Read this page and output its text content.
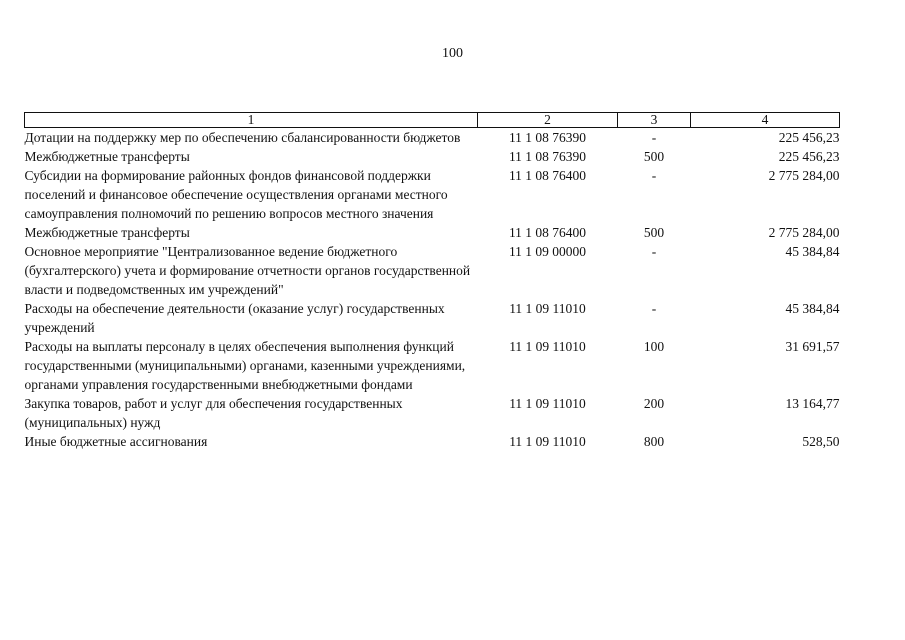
100
1	2	3	4
Дотации на поддержку мер по обеспечению сбалансированности бюджетов	11 1 08 76390	-	225 456,23
Межбюджетные трансферты	11 1 08 76390	500	225 456,23
Субсидии на формирование районных фондов финансовой поддержки поселений и финансовое обеспечение осуществления органами местного самоуправления полномочий по решению вопросов местного значения	11 1 08 76400	-	2 775 284,00
Межбюджетные трансферты	11 1 08 76400	500	2 775 284,00
Основное мероприятие "Централизованное ведение бюджетного (бухгалтерского) учета и формирование отчетности органов государственной власти и подведомственных им учреждений"	11 1 09 00000	-	45 384,84
Расходы на обеспечение деятельности (оказание услуг) государственных учреждений	11 1 09 11010	-	45 384,84
Расходы на выплаты персоналу в целях обеспечения выполнения функций государственными (муниципальными) органами, казенными учреждениями, органами управления государственными внебюджетными фондами	11 1 09 11010	100	31 691,57
Закупка товаров, работ и услуг для обеспечения государственных (муниципальных) нужд	11 1 09 11010	200	13 164,77
Иные бюджетные ассигнования	11 1 09 11010	800	528,50
